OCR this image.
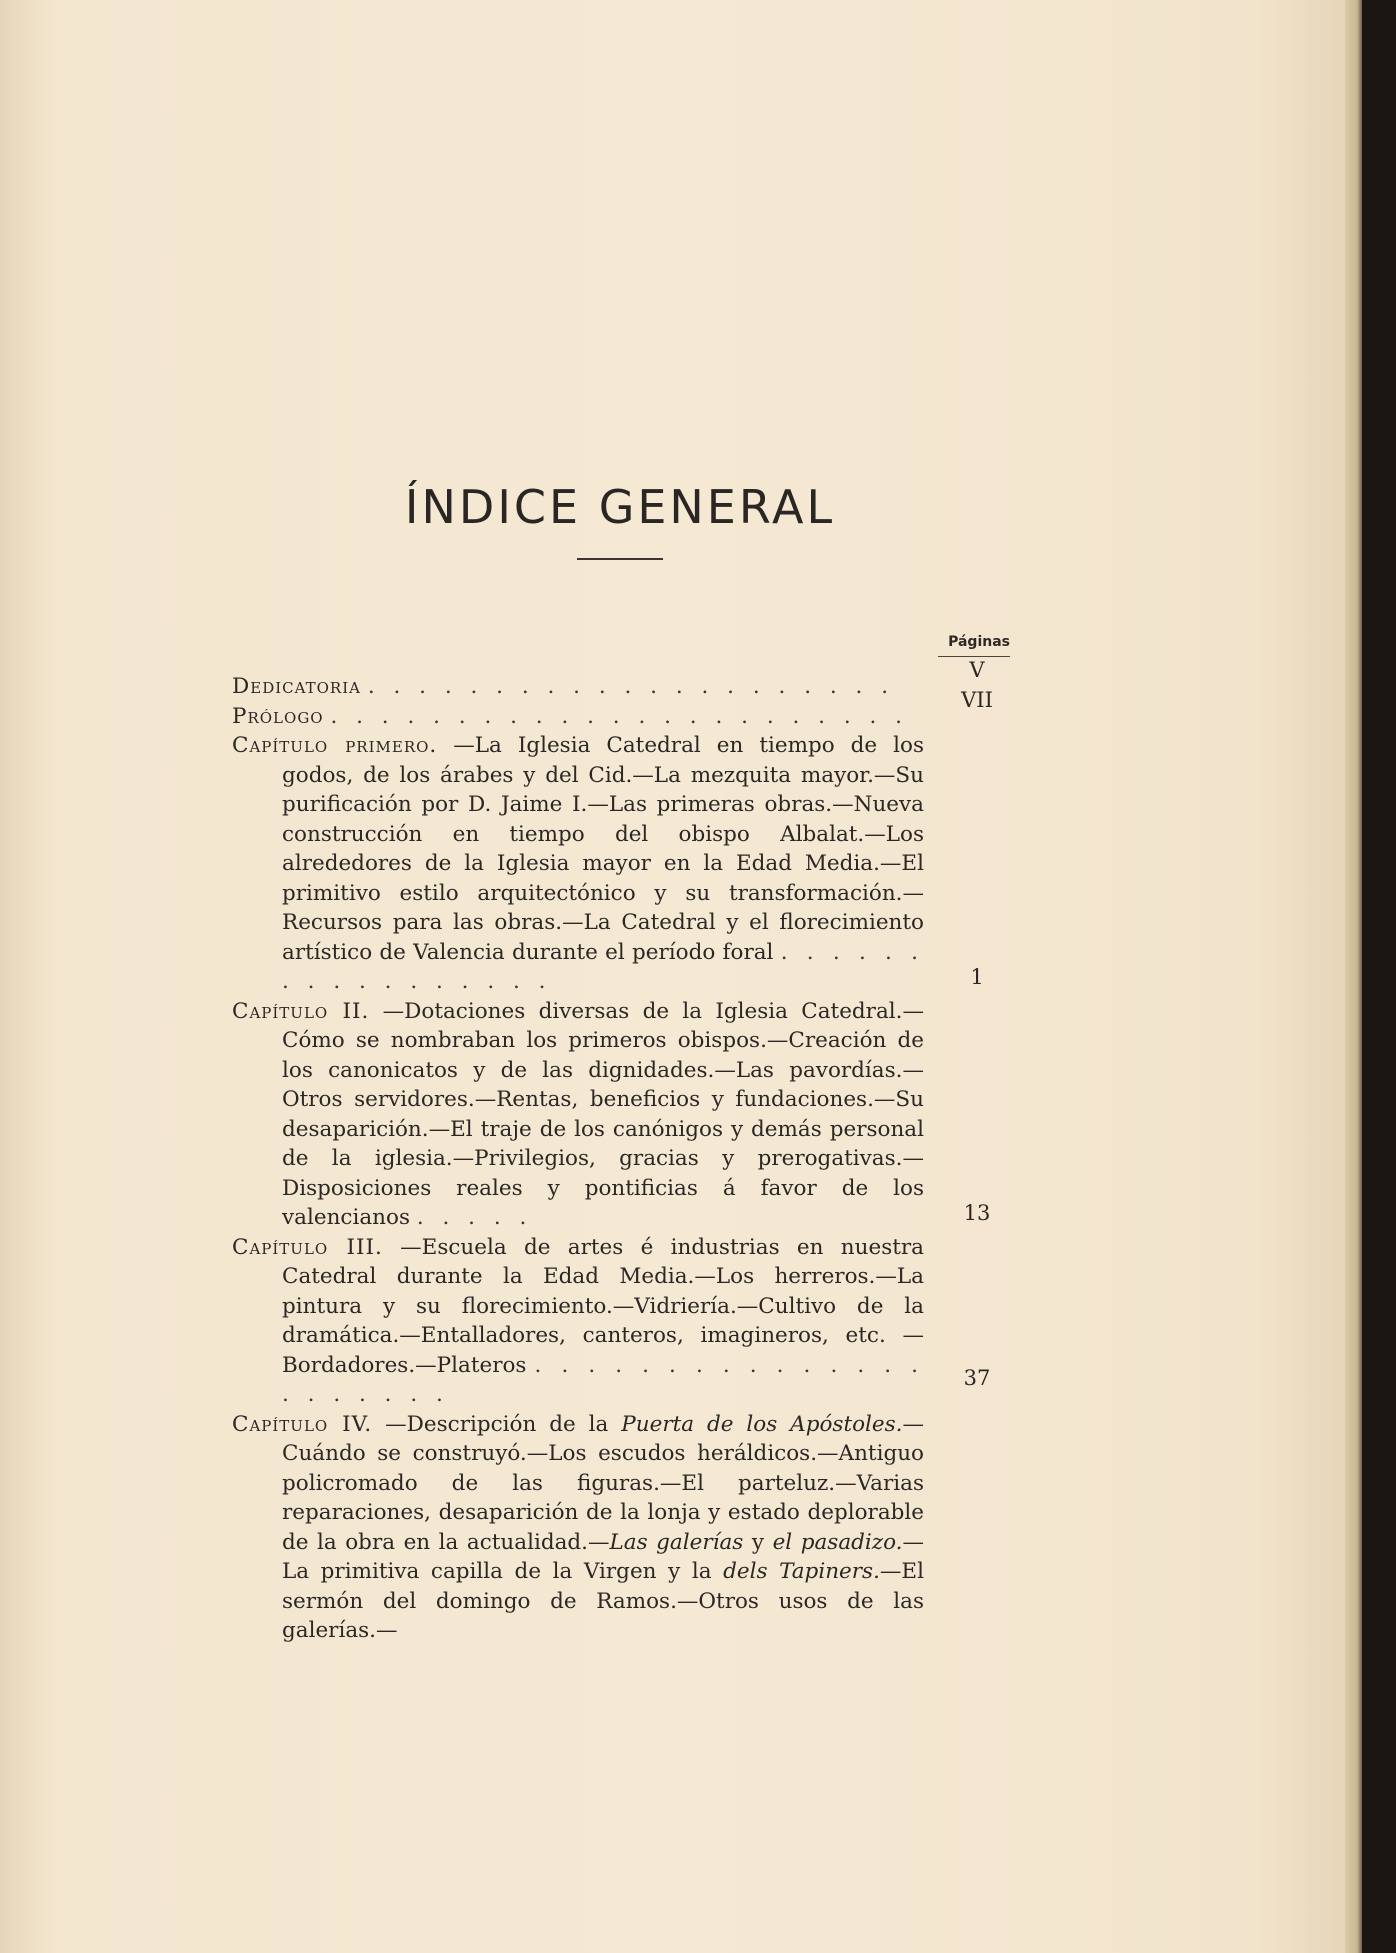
ÍNDICE GENERAL
Páginas
Dedicatoria . . . . . . . . . . . . . . . . . . . . .
V
Prólogo . . . . . . . . . . . . . . . . . . . . . . .
VII
Capítulo primero. —La Iglesia Catedral en tiempo de los godos, de los árabes y del Cid.—La mezquita mayor.—Su purificación por D. Jaime I.—Las primeras obras.—Nueva construcción en tiempo del obispo Albalat.—Los alrededores de la Iglesia mayor en la Edad Media.—El primitivo estilo arquitectónico y su transformación.—Recursos para las obras.—La Catedral y el florecimiento artístico de Valencia durante el período foral . . . . . . . . . . . . . . . . .	1
Capítulo II. —Dotaciones diversas de la Iglesia Catedral.—Cómo se nombraban los primeros obispos.—Creación de los canonicatos y de las dignidades.—Las pavordías.—Otros servidores.—Rentas, beneficios y fundaciones.—Su desaparición.—El traje de los canónigos y demás personal de la iglesia.—Privilegios, gracias y prerogativas.—Disposiciones reales y pontificias á favor de los valencianos . . . . .	13
Capítulo III. —Escuela de artes é industrias en nuestra Catedral durante la Edad Media.—Los herreros.—La pintura y su florecimiento.—Vidriería.—Cultivo de la dramática.—Entalladores, canteros, imagineros, etc. — Bordadores.—Plateros . . . . . . . . . . . . . . . . . . . . . .
37
Capítulo IV. —Descripción de la Puerta de los Apóstoles.—Cuándo se construyó.—Los escudos heráldicos.—Antiguo policromado de las figuras.—El parteluz.—Varias reparaciones, desaparición de la lonja y estado deplorable de la obra en la actualidad.—Las galerías y el pasadizo.—La primitiva capilla de la Virgen y la dels Tapiners.—El sermón del domingo de Ramos.—Otros usos de las galerías.—
